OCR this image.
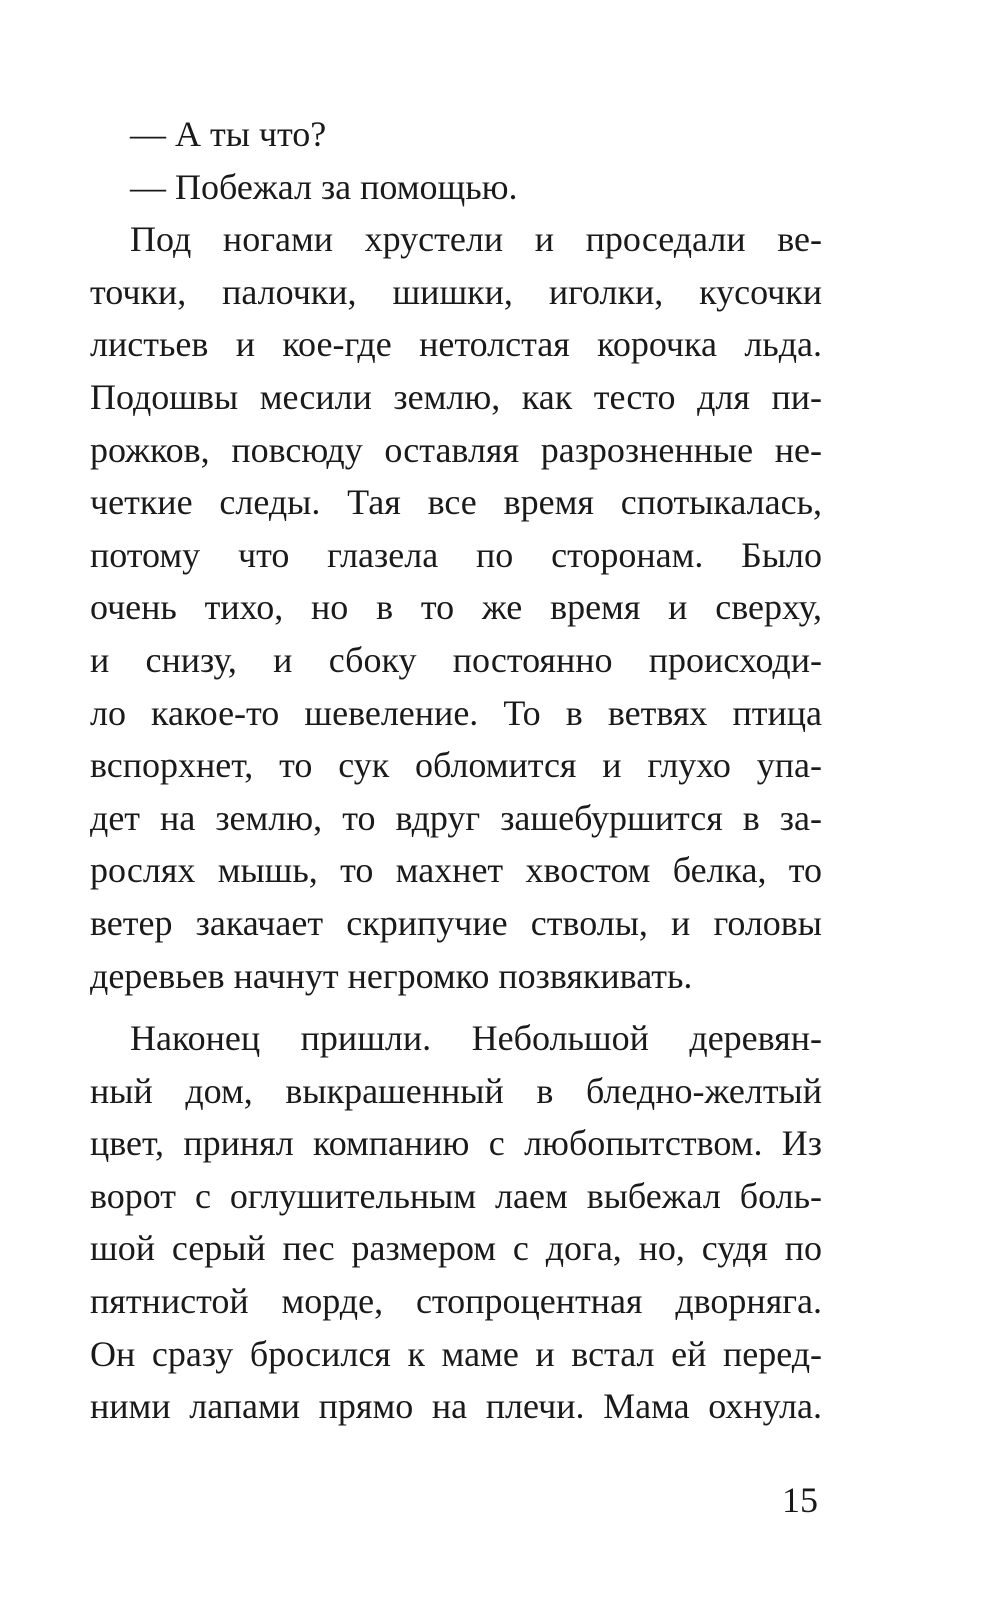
— А ты что?
— Побежал за помощью.
Под ногами хрустели и проседали ве-
точки, палочки, шишки, иголки, кусочки
листьев и кое-где нетолстая корочка льда.
Подошвы месили землю, как тесто для пи-
рожков, повсюду оставляя разрозненные не-
четкие следы. Тая все время спотыкалась,
потому что глазела по сторонам. Было
очень тихо, но в то же время и сверху,
и снизу, и сбоку постоянно происходи-
ло какое-то шевеление. То в ветвях птица
вспорхнет, то сук обломится и глухо упа-
дет на землю, то вдруг зашебуршится в за-
рослях мышь, то махнет хвостом белка, то
ветер закачает скрипучие стволы, и головы
деревьев начнут негромко позвякивать.
Наконец пришли. Небольшой деревян-
ный дом, выкрашенный в бледно-желтый
цвет, принял компанию с любопытством. Из
ворот с оглушительным лаем выбежал боль-
шой серый пес размером с дога, но, судя по
пятнистой морде, стопроцентная дворняга.
Он сразу бросился к маме и встал ей перед-
ними лапами прямо на плечи. Мама охнула.
15
